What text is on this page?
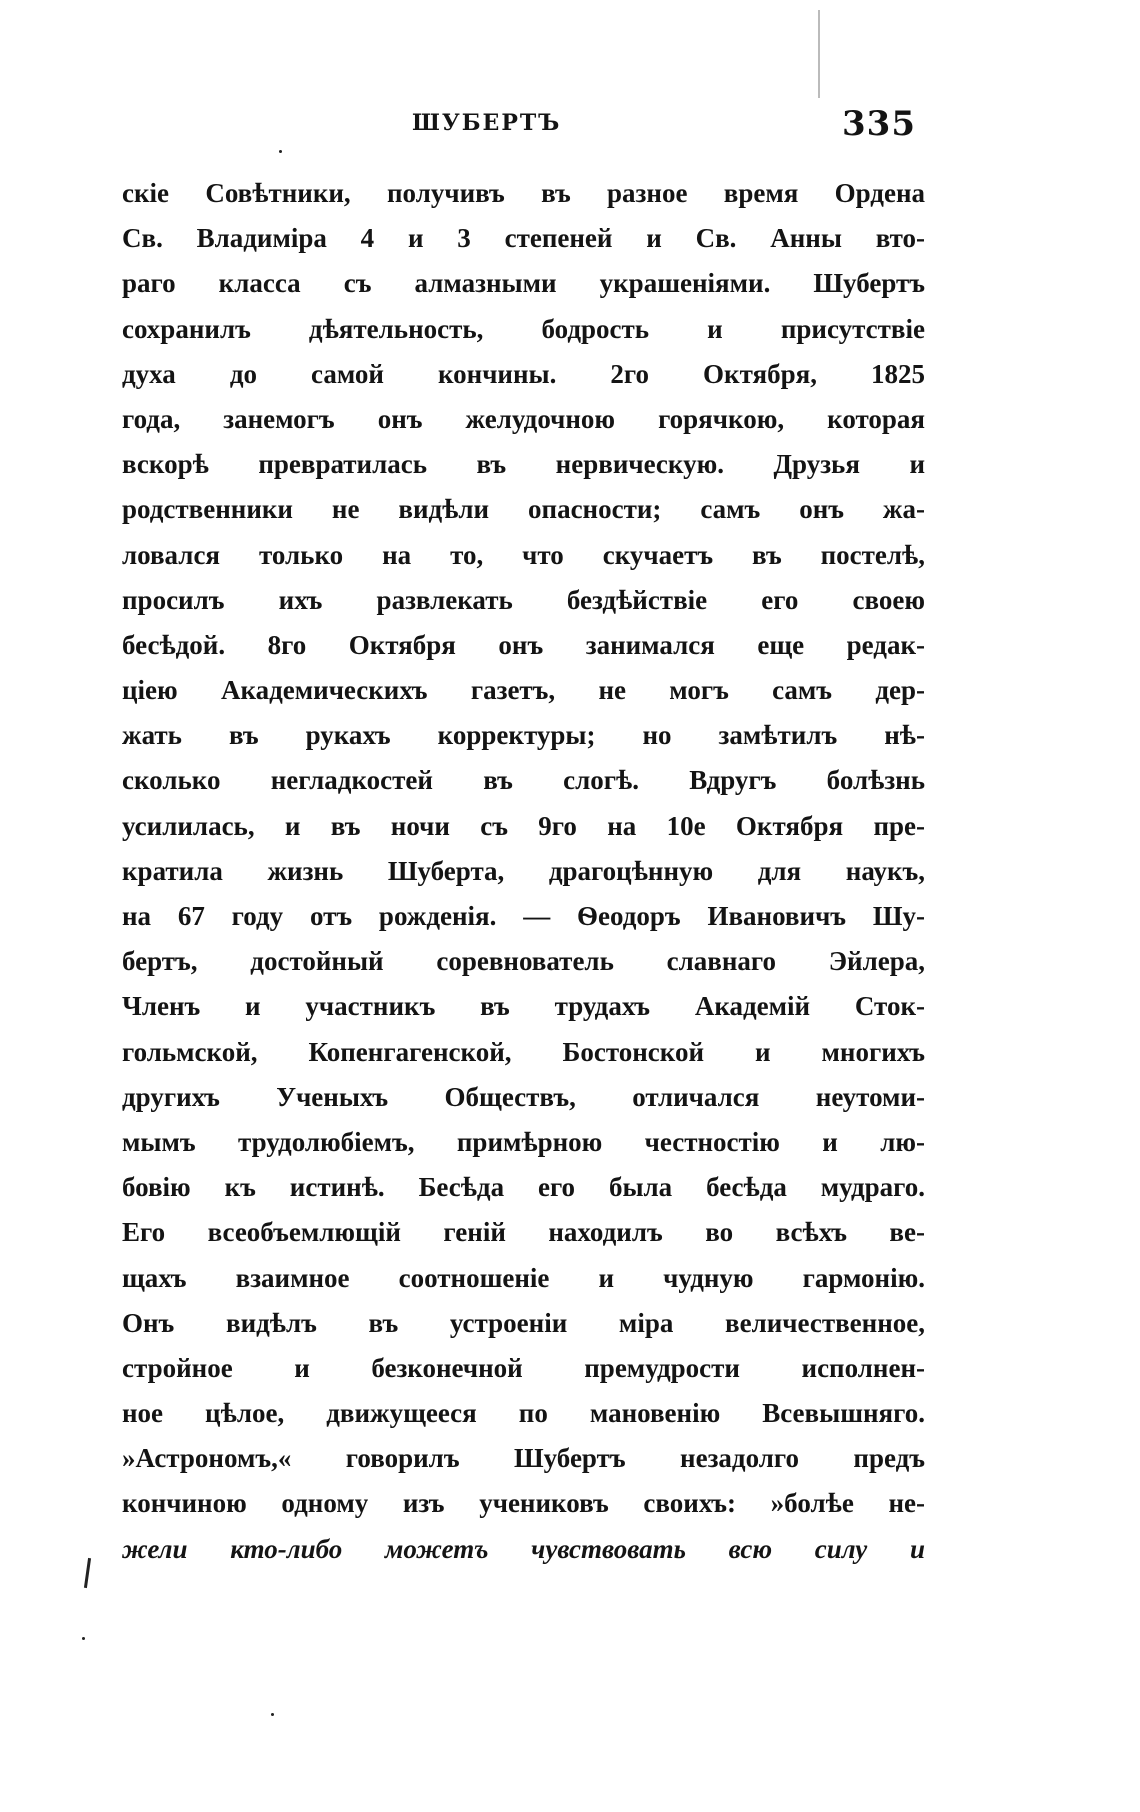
ШУБЕРТЪ	335
скіе Совѣтники, получивъ въ разное время Ордена
Св. Владиміра 4 и 3 степеней и Св. Анны вто-
раго класса съ алмазными украшеніями. Шубертъ
сохранилъ дѣятельность, бодрость и присутствіе
духа до самой кончины. 2го Октября, 1825
года, занемогъ онъ желудочною горячкою, которая
вскорѣ превратилась въ нервическую. Друзья и
родственники не видѣли опасности; самъ онъ жа-
ловался только на то, что скучаетъ въ постелѣ,
просилъ ихъ развлекать бездѣйствіе его своею
бесѣдой. 8го Октября онъ занимался еще редак-
ціею Академическихъ газетъ, не могъ самъ дер-
жать въ рукахъ корректуры; но замѣтилъ нѣ-
сколько негладкостей въ слогѣ. Вдругъ болѣзнь
усилилась, и въ ночи съ 9го на 10е Октября пре-
кратила жизнь Шуберта, драгоцѣнную для наукъ,
на 67 году отъ рожденія. — Ѳеодоръ Ивановичъ Шу-
бертъ, достойный соревнователь славнаго Эйлера,
Членъ и участникъ въ трудахъ Академій Сток-
гольмской, Копенгагенской, Бостонской и многихъ
другихъ Ученыхъ Обществъ, отличался неутоми-
мымъ трудолюбіемъ, примѣрною честностію и лю-
бовію къ истинѣ. Бесѣда его была бесѣда мудраго.
Его всеобъемлющій геній находилъ во всѣхъ ве-
щахъ взаимное соотношеніе и чудную гармонію.
Онъ видѣлъ въ устроеніи міра величественное,
стройное и безконечной премудрости исполнен-
ное цѣлое, движущееся по мановенію Всевышняго.
»Астрономъ,« говорилъ Шубертъ незадолго предъ
кончиною одному изъ учениковъ своихъ: »болѣе не-
жели кто-либо можетъ чувствовать всю силу и
